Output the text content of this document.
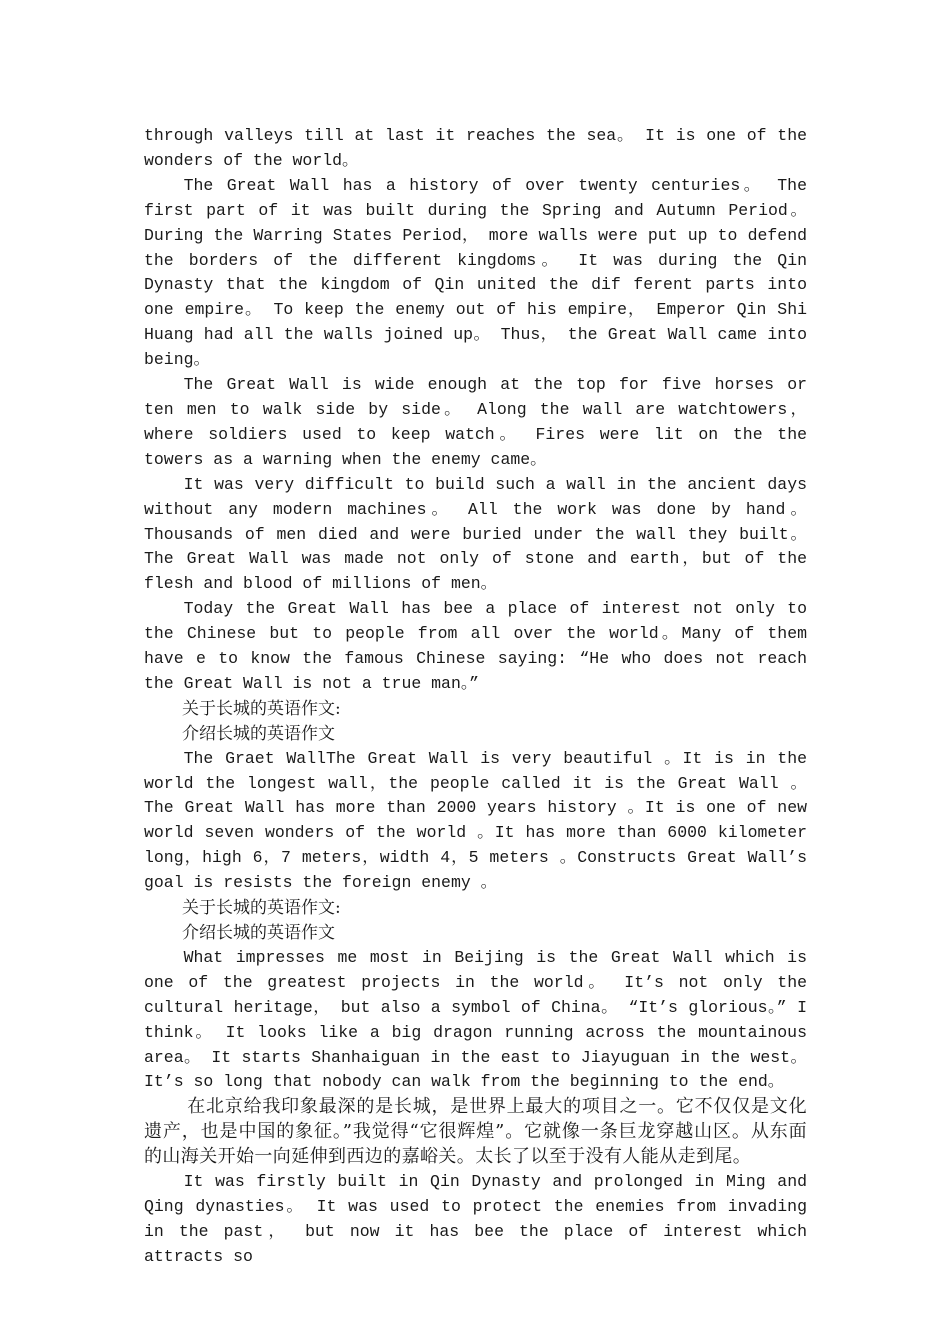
through valleys till at last it reaches the sea。 It is one of the wonders of the world。

The Great Wall has a history of over twenty centuries。 The first part of it was built during the Spring and Autumn Period。 During the Warring States Period， more walls were put up to defend the borders of the different kingdoms。 It was during the Qin Dynasty that the kingdom of Qin united the dif ferent parts into one empire。 To keep the enemy out of his empire， Emperor Qin Shi Huang had all the walls joined up。 Thus， the Great Wall came into being。

The Great Wall is wide enough at the top for five horses or ten men to walk side by side。 Along the wall are watchtowers， where soldiers used to keep watch。 Fires were lit on the the towers as a warning when the enemy came。

It was very difficult to build such a wall in the ancient days without any modern machines。 All the work was done by hand。 Thousands of men died and were buried under the wall they built。 The Great Wall was made not only of stone and earth，but of the flesh and blood of millions of men。

Today the Great Wall has bee a place of interest not only to the Chinese but to people from all over the world。Many of them have e to know the famous Chinese saying: “He who does not reach the Great Wall is not a true man。”

关于长城的英语作文:
介绍长城的英语作文

The Graet WallThe Great Wall is very beautiful 。It is in the world the longest wall，the people called it is the Great Wall 。The Great Wall has more than 2000 years history 。It is one of new world seven wonders of the world 。It has more than 6000 kilometer long，high 6，7 meters，width 4，5 meters 。Constructs Great Wall’s goal is resists the foreign enemy 。

关于长城的英语作文:
介绍长城的英语作文

What impresses me most in Beijing is the Great Wall which is one of the greatest projects in the world。 It’s not only the cultural heritage， but also a symbol of China。 “It’s glorious。” I think。 It looks like a big dragon running across the mountainous area。 It starts Shanhaiguan in the east to Jiayuguan in the west。 It’s so long that nobody can walk from the beginning to the end。

在北京给我印象最深的是长城，是世界上最大的项目之一。它不仅仅是文化遗产，也是中国的象征。”我觉得“它很辉煌”。它就像一条巨龙穿越山区。从东面的山海关开始一向延伸到西边的嘉峪关。太长了以至于没有人能从走到尾。

It was firstly built in Qin Dynasty and prolonged in Ming and Qing dynasties。 It was used to protect the enemies from invading in the past， but now it has bee the place of interest which attracts so
